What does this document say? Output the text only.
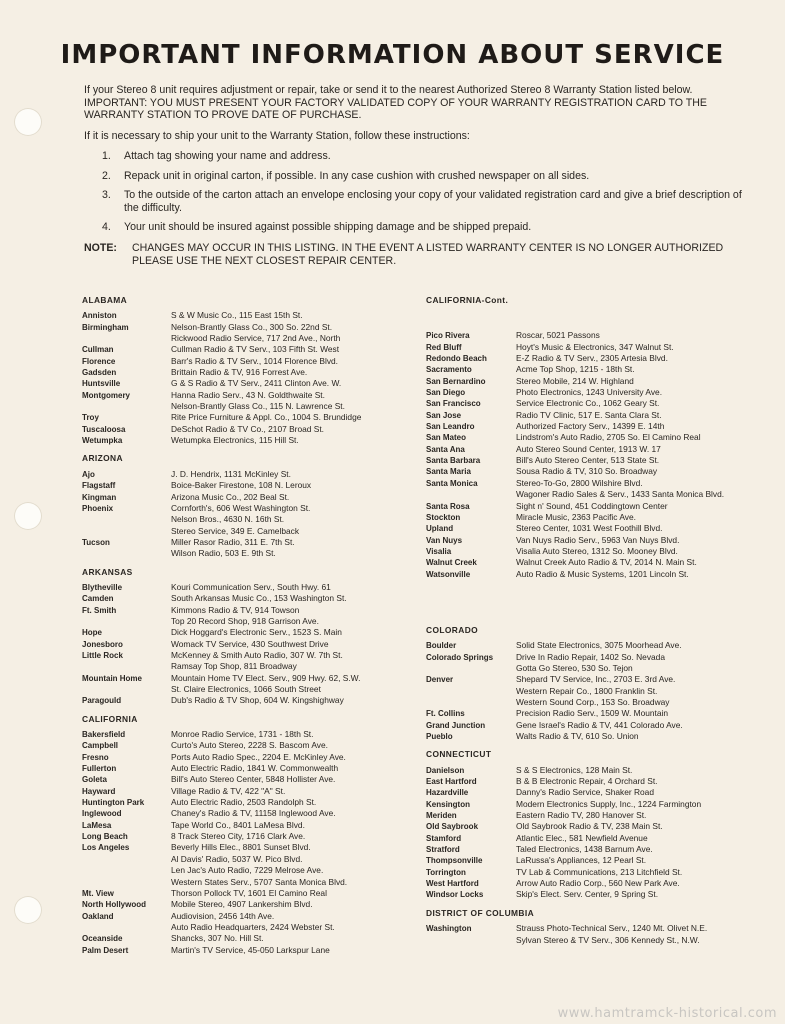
IMPORTANT INFORMATION ABOUT SERVICE

If your Stereo 8 unit requires adjustment or repair, take or send it to the nearest Authorized Stereo 8 Warranty Station listed below. IMPORTANT: YOU MUST PRESENT YOUR FACTORY VALIDATED COPY OF YOUR WARRANTY REGISTRATION CARD TO THE WARRANTY STATION TO PROVE DATE OF PURCHASE.

If it is necessary to ship your unit to the Warranty Station, follow these instructions:
1.	Attach tag showing your name and address.
2.	Repack unit in original carton, if possible. In any case cushion with crushed newspaper on all sides.
3.	To the outside of the carton attach an envelope enclosing your copy of your validated registration card and give a brief description of the difficulty.
4.	Your unit should be insured against possible shipping damage and be shipped prepaid.
NOTE:	CHANGES MAY OCCUR IN THIS LISTING. IN THE EVENT A LISTED WARRANTY CENTER IS NO LONGER AUTHORIZED PLEASE USE THE NEXT CLOSEST REPAIR CENTER.
ALABAMA
Anniston	S & W Music Co., 115 East 15th St.
Birmingham	Nelson-Brantly Glass Co., 300 So. 22nd St.
Rickwood Radio Service, 717 2nd Ave., North
Cullman	Cullman Radio & TV Serv., 103 Fifth St. West
Florence	Barr's Radio & TV Serv., 1014 Florence Blvd.
Gadsden	Brittain Radio & TV, 916 Forrest Ave.
Huntsville	G & S Radio & TV Serv., 2411 Clinton Ave. W.
Montgomery	Hanna Radio Serv., 43 N. Goldthwaite St.
Nelson-Brantly Glass Co., 115 N. Lawrence St.
Troy	Rite Price Furniture & Appl. Co., 1004 S. Brundidge
Tuscaloosa	DeSchot Radio & TV Co., 2107 Broad St.
Wetumpka	Wetumpka Electronics, 115 Hill St.
ARIZONA
Ajo	J. D. Hendrix, 1131 McKinley St.
Flagstaff	Boice-Baker Firestone, 108 N. Leroux
Kingman	Arizona Music Co., 202 Beal St.
Phoenix	Cornforth's, 606 West Washington St.
Nelson Bros., 4630 N. 16th St.
Stereo Service, 349 E. Camelback
Tucson	Miller Rasor Radio, 311 E. 7th St.
Wilson Radio, 503 E. 9th St.
ARKANSAS
Blytheville	Kouri Communication Serv., South Hwy. 61
Camden	South Arkansas Music Co., 153 Washington St.
Ft. Smith	Kimmons Radio & TV, 914 Towson
Top 20 Record Shop, 918 Garrison Ave.
Hope	Dick Hoggard's Electronic Serv., 1523 S. Main
Jonesboro	Womack TV Service, 430 Southwest Drive
Little Rock	McKenney & Smith Auto Radio, 307 W. 7th St.
Ramsay Top Shop, 811 Broadway
Mountain Home	Mountain Home TV Elect. Serv., 909 Hwy. 62, S.W.
St. Claire Electronics, 1066 South Street
Paragould	Dub's Radio & TV Shop, 604 W. Kingshighway
CALIFORNIA
Bakersfield	Monroe Radio Service, 1731 - 18th St.
Campbell	Curto's Auto Stereo, 2228 S. Bascom Ave.
Fresno	Ports Auto Radio Spec., 2204 E. McKinley Ave.
Fullerton	Auto Electric Radio, 1841 W. Commonwealth
Goleta	Bill's Auto Stereo Center, 5848 Hollister Ave.
Hayward	Village Radio & TV, 422 "A" St.
Huntington Park	Auto Electric Radio, 2503 Randolph St.
Inglewood	Chaney's Radio & TV, 11158 Inglewood Ave.
LaMesa	Tape World Co., 8401 LaMesa Blvd.
Long Beach	8 Track Stereo City, 1716 Clark Ave.
Los Angeles	Beverly Hills Elec., 8801 Sunset Blvd.
Al Davis' Radio, 5037 W. Pico Blvd.
Len Jac's Auto Radio, 7229 Melrose Ave.
Western States Serv., 5707 Santa Monica Blvd.
Mt. View	Thorson Pollock TV, 1601 El Camino Real
North Hollywood	Mobile Stereo, 4907 Lankershim Blvd.
Oakland	Audiovision, 2456 14th Ave.
Auto Radio Headquarters, 2424 Webster St.
Oceanside	Shancks, 307 No. Hill St.
Palm Desert	Martin's TV Service, 45-050 Larkspur Lane
CALIFORNIA-Cont.
Pico Rivera	Roscar, 5021 Passons
Red Bluff	Hoyt's Music & Electronics, 347 Walnut St.
Redondo Beach	E-Z Radio & TV Serv., 2305 Artesia Blvd.
Sacramento	Acme Top Shop, 1215 - 18th St.
San Bernardino	Stereo Mobile, 214 W. Highland
San Diego	Photo Electronics, 1243 University Ave.
San Francisco	Service Electronic Co., 1062 Geary St.
San Jose	Radio TV Clinic, 517 E. Santa Clara St.
San Leandro	Authorized Factory Serv., 14399 E. 14th
San Mateo	Lindstrom's Auto Radio, 2705 So. El Camino Real
Santa Ana	Auto Stereo Sound Center, 1913 W. 17
Santa Barbara	Bill's Auto Stereo Center, 513 State St.
Santa Maria	Sousa Radio & TV, 310 So. Broadway
Santa Monica	Stereo-To-Go, 2800 Wilshire Blvd.
Wagoner Radio Sales & Serv., 1433 Santa Monica Blvd.
Santa Rosa	Sight n' Sound, 451 Coddingtown Center
Stockton	Miracle Music, 2363 Pacific Ave.
Upland	Stereo Center, 1031 West Foothill Blvd.
Van Nuys	Van Nuys Radio Serv., 5963 Van Nuys Blvd.
Visalia	Visalia Auto Stereo, 1312 So. Mooney Blvd.
Walnut Creek	Walnut Creek Auto Radio & TV, 2014 N. Main St.
Watsonville	Auto Radio & Music Systems, 1201 Lincoln St.
COLORADO
Boulder	Solid State Electronics, 3075 Moorhead Ave.
Colorado Springs	Drive In Radio Repair, 1402 So. Nevada
Gotta Go Stereo, 530 So. Tejon
Denver	Shepard TV Service, Inc., 2703 E. 3rd Ave.
Western Repair Co., 1800 Franklin St.
Western Sound Corp., 153 So. Broadway
Ft. Collins	Precision Radio Serv., 1509 W. Mountain
Grand Junction	Gene Israel's Radio & TV, 441 Colorado Ave.
Pueblo	Walts Radio & TV, 610 So. Union
CONNECTICUT
Danielson	S & S Electronics, 128 Main St.
East Hartford	B & B Electronic Repair, 4 Orchard St.
Hazardville	Danny's Radio Service, Shaker Road
Kensington	Modern Electronics Supply, Inc., 1224 Farmington
Meriden	Eastern Radio TV, 280 Hanover St.
Old Saybrook	Old Saybrook Radio & TV, 238 Main St.
Stamford	Atlantic Elec., 581 Newfield Avenue
Stratford	Taled Electronics, 1438 Barnum Ave.
Thompsonville	LaRussa's Appliances, 12 Pearl St.
Torrington	TV Lab & Communications, 213 Litchfield St.
West Hartford	Arrow Auto Radio Corp., 560 New Park Ave.
Windsor Locks	Skip's Elect. Serv. Center, 9 Spring St.
DISTRICT OF COLUMBIA
Washington	Strauss Photo-Technical Serv., 1240 Mt. Olivet N.E.
Sylvan Stereo & TV Serv., 306 Kennedy St., N.W.
www.hamtramck-historical.com
